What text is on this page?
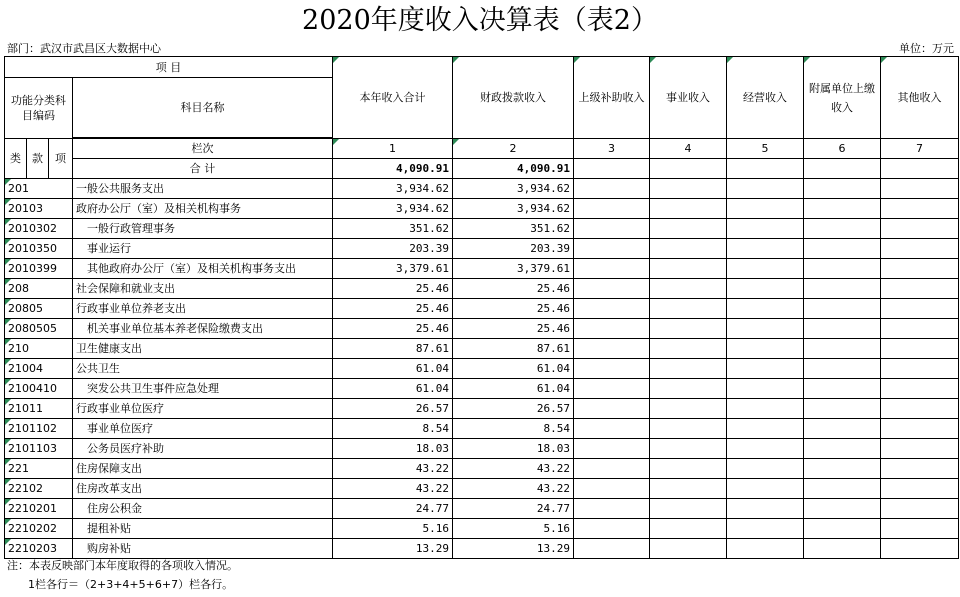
2020年度收入决算表（表2）
部门：武汉市武昌区大数据中心	单位：万元
项 目				本年收入合计	财政拨款收入	上级补助收入	事业收入	经营收入	附属单位上缴收入	其他收入
功能分类科目编码			科目名称							

类	款	项	栏次	1	2	3	4	5	6	7
			合 计	4,090.91	4,090.91					
201			一般公共服务支出	3,934.62	3,934.62					
20103			政府办公厅（室）及相关机构事务	3,934.62	3,934.62					
2010302			一般行政管理事务	351.62	351.62					
2010350			事业运行	203.39	203.39					
2010399			其他政府办公厅（室）及相关机构事务支出	3,379.61	3,379.61					
208			社会保障和就业支出	25.46	25.46					
20805			行政事业单位养老支出	25.46	25.46					
2080505			机关事业单位基本养老保险缴费支出	25.46	25.46					
210			卫生健康支出	87.61	87.61					
21004			公共卫生	61.04	61.04					
2100410			突发公共卫生事件应急处理	61.04	61.04					
21011			行政事业单位医疗	26.57	26.57					
2101102			事业单位医疗	8.54	8.54					
2101103			公务员医疗补助	18.03	18.03					
221			住房保障支出	43.22	43.22					
22102			住房改革支出	43.22	43.22					
2210201			住房公积金	24.77	24.77					
2210202			提租补贴	5.16	5.16					
2210203			购房补贴	13.29	13.29					
注：本表反映部门本年度取得的各项收入情况。
1栏各行＝（2+3+4+5+6+7）栏各行。
